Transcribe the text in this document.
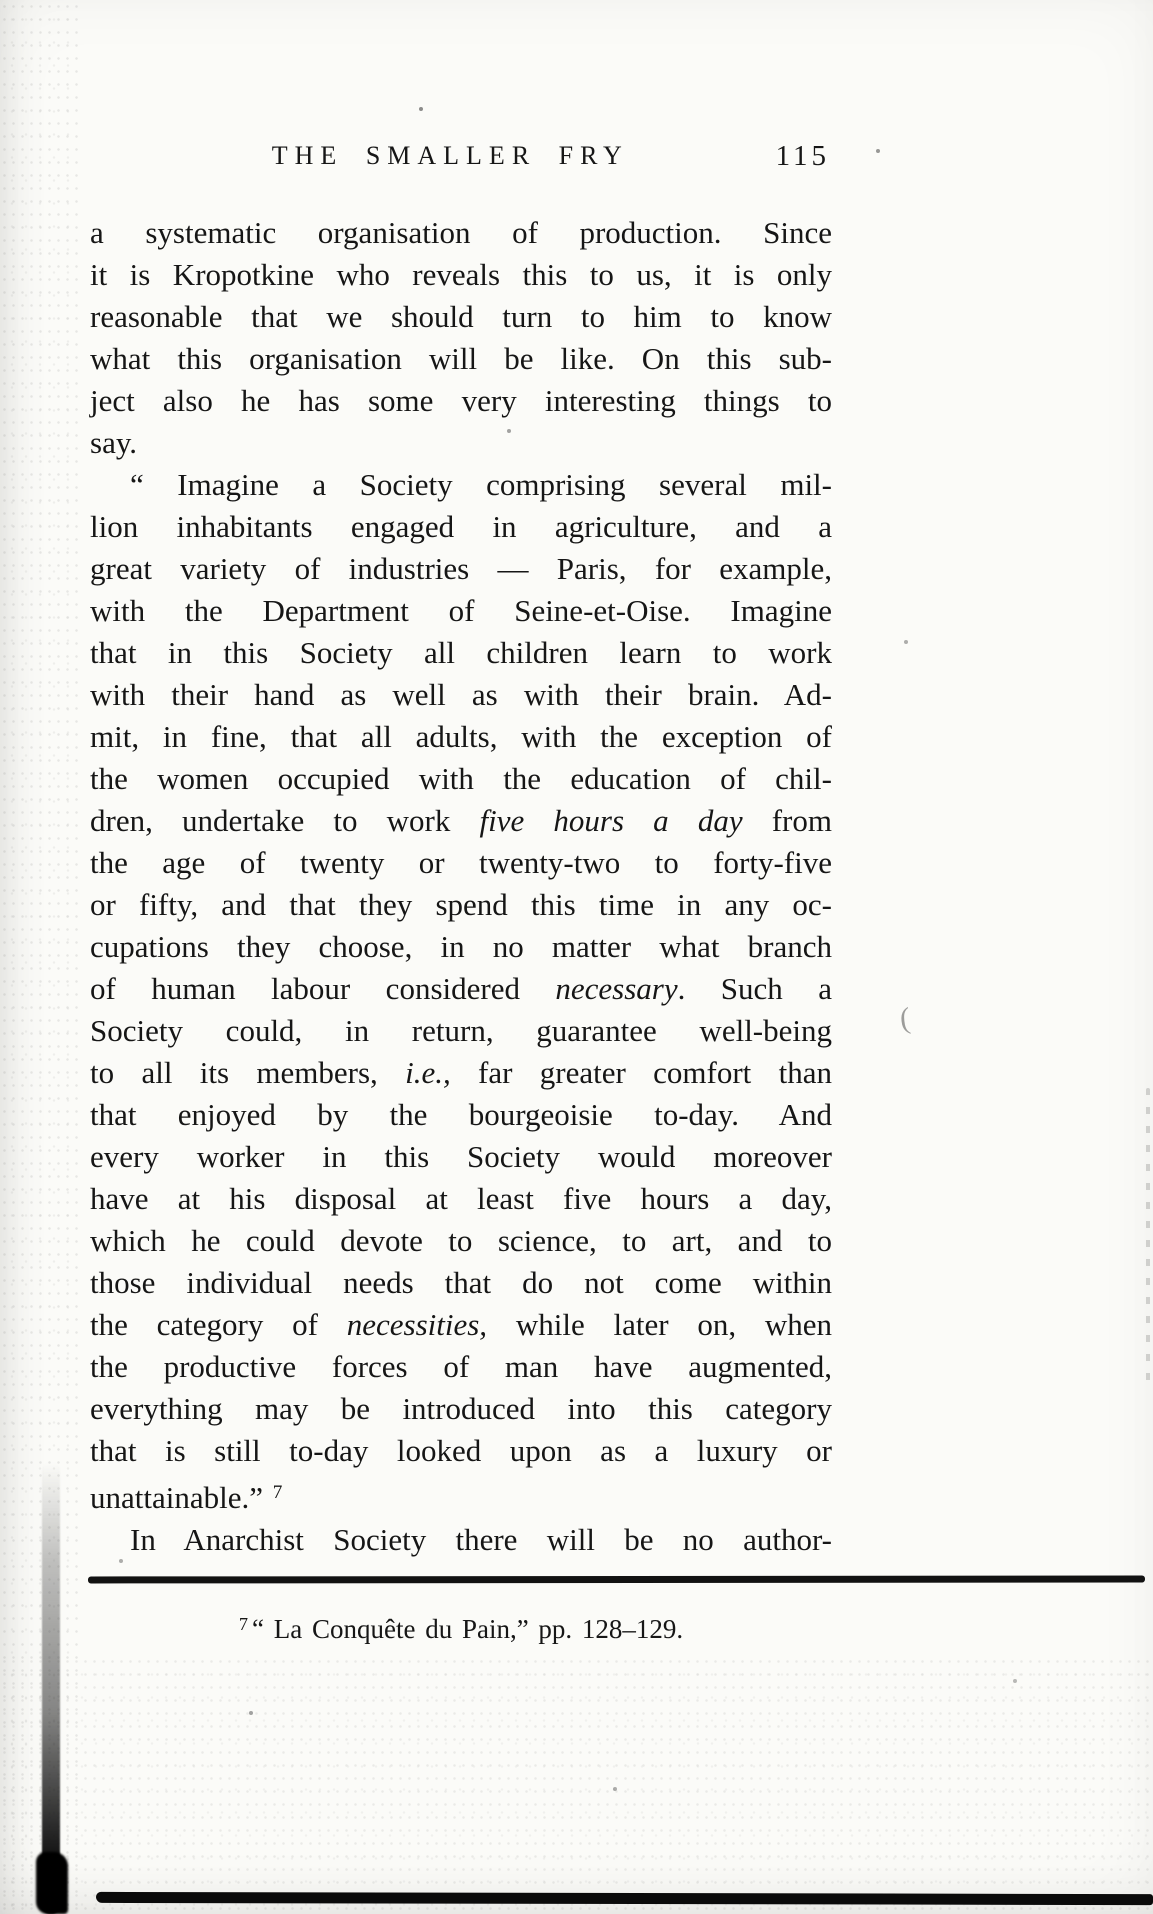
THE SMALLER FRY	115
a systematic organisation of production. Since
it is Kropotkine who reveals this to us, it is only
reasonable that we should turn to him to know
what this organisation will be like. On this sub-
ject also he has some very interesting things to
say.
“ Imagine a Society comprising several mil-
lion inhabitants engaged in agriculture, and a
great variety of industries — Paris, for example,
with the Department of Seine-et-Oise. Imagine
that in this Society all children learn to work
with their hand as well as with their brain. Ad-
mit, in fine, that all adults, with the exception of
the women occupied with the education of chil-
dren, undertake to work five hours a day from
the age of twenty or twenty-two to forty-five
or fifty, and that they spend this time in any oc-
cupations they choose, in no matter what branch
of human labour considered necessary. Such a
Society could, in return, guarantee well-being
to all its members, i.e., far greater comfort than
that enjoyed by the bourgeoisie to-day. And
every worker in this Society would moreover
have at his disposal at least five hours a day,
which he could devote to science, to art, and to
those individual needs that do not come within
the category of necessities, while later on, when
the productive forces of man have augmented,
everything may be introduced into this category
that is still to-day looked upon as a luxury or
unattainable.” $^7$
In Anarchist Society there will be no author-
$^7$ “ La Conquête du Pain,” pp. 128–129.
(
